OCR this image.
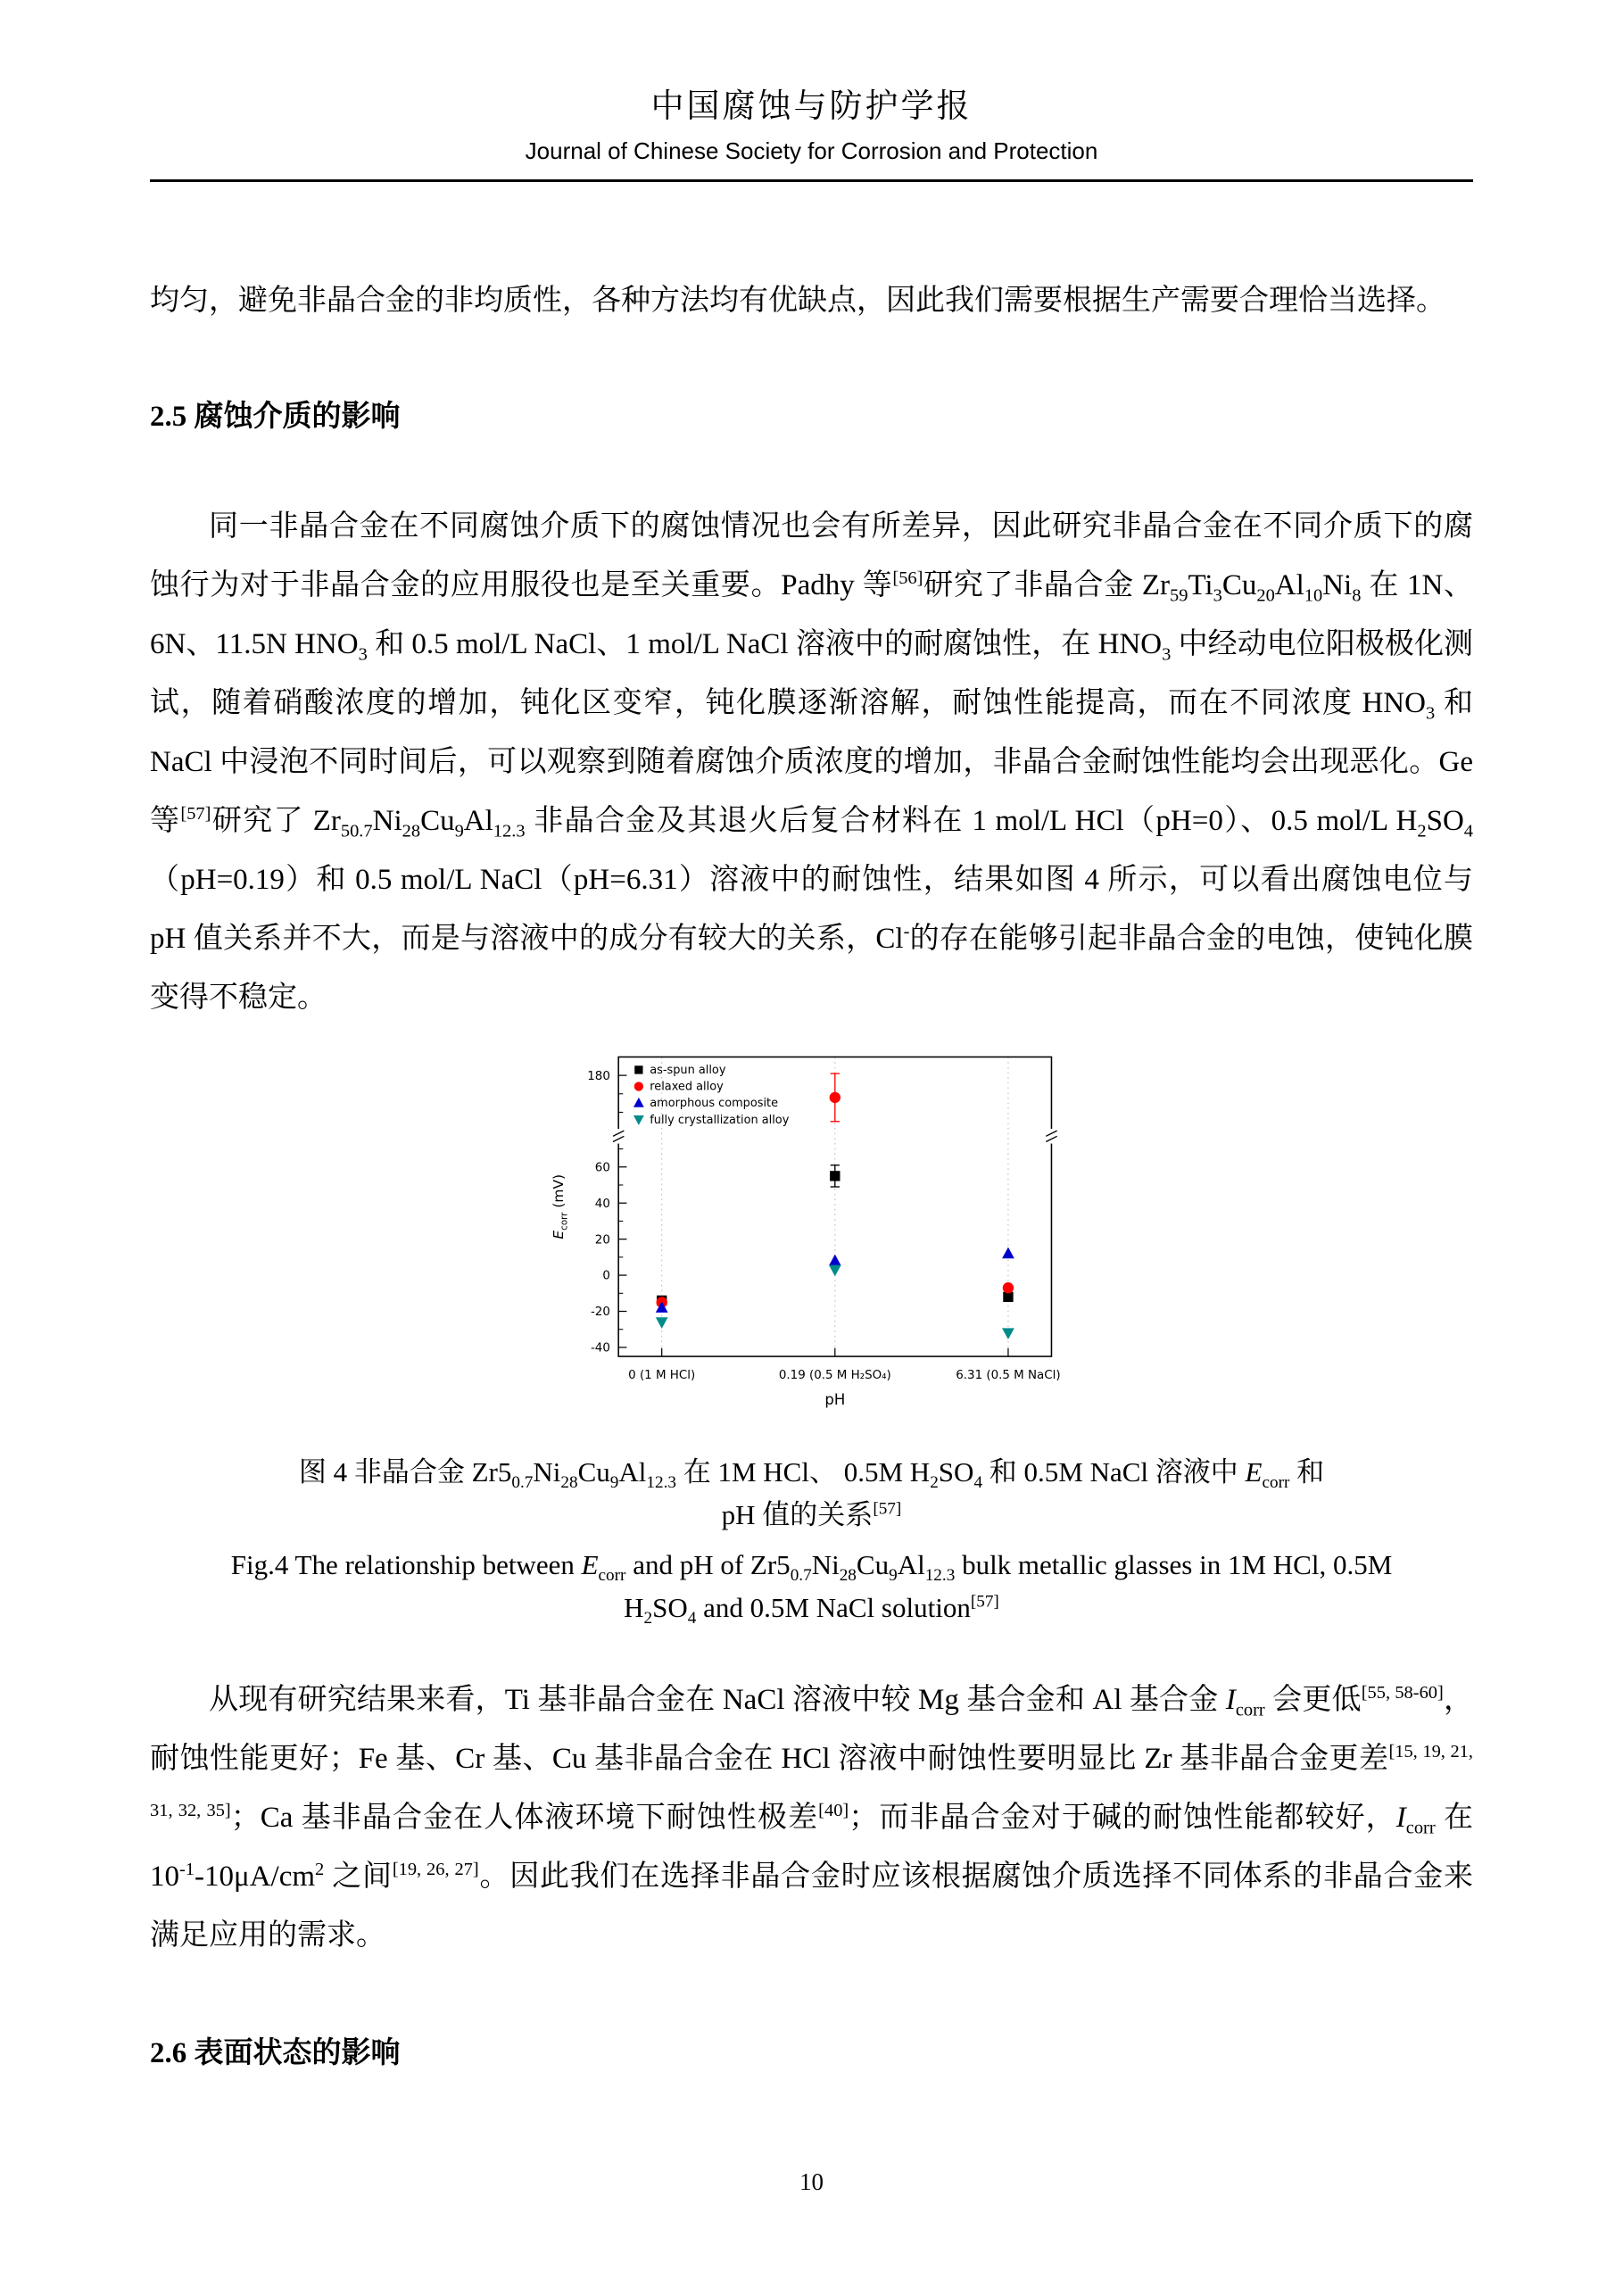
中国腐蚀与防护学报
Journal of Chinese Society for Corrosion and Protection

均匀，避免非晶合金的非均质性，各种方法均有优缺点，因此我们需要根据生产需要合理恰当选择。

2.5 腐蚀介质的影响

同一非晶合金在不同腐蚀介质下的腐蚀情况也会有所差异，因此研究非晶合金在不同介质下的腐蚀行为对于非晶合金的应用服役也是至关重要。Padhy 等[56]研究了非晶合金 $Zr_{59}Ti_3Cu_{20}Al_{10}Ni_8$ 在 1N、6N、11.5N $HNO_3$ 和 0.5 mol/L NaCl、1 mol/L NaCl 溶液中的耐腐蚀性，在 $HNO_3$ 中经动电位阳极极化测试，随着硝酸浓度的增加，钝化区变窄，钝化膜逐渐溶解，耐蚀性能提高，而在不同浓度 $HNO_3$ 和 NaCl 中浸泡不同时间后，可以观察到随着腐蚀介质浓度的增加，非晶合金耐蚀性能均会出现恶化。Ge 等[57]研究了 $Zr_{50.7}Ni_{28}Cu_9Al_{12.3}$ 非晶合金及其退火后复合材料在 1 mol/L HCl（pH=0）、0.5 mol/L $H_2SO_4(pH=0.19)$和 0.5 mol/L NaCl（pH=6.31）溶液中的耐蚀性，结果如图 4 所示，可以看出腐蚀电位与 pH 值关系并不大，而是与溶液中的成分有较大的关系，Cl-的存在能够引起非晶合金的电蚀，使钝化膜变得不稳定。

180
60
40
20
0
-20
-40
0 (1 M HCl)	0.19 (0.5 M H₂SO₄)	6.31 (0.5 M NaCl)
pH
$E_{corr}$ (mV)
as-spun alloy
relaxed alloy
amorphous composite
fully crystallization alloy
图 4 非晶合金 $Zr5_{0.7}Ni_{28}Cu_9Al_{12.3}$ 在 1M HCl、 0.5M $H_2SO_4$ 和 0.5M NaCl 溶液中 $E_{corr}$ 和 pH 值的关系[57]
Fig.4 The relationship between $E_{corr}$ and pH of $Zr5_{0.7}Ni_{28}Cu_9Al_{12.3}$ bulk metallic glasses in 1M HCl, 0.5M $H_2SO_4$ and 0.5M NaCl solution[57]

从现有研究结果来看，Ti 基非晶合金在 NaCl 溶液中较 Mg 基合金和 Al 基合金 $I_{corr}$ 会更低[55, 58-60]，耐蚀性能更好；Fe 基、Cr 基、Cu 基非晶合金在 HCl 溶液中耐蚀性要明显比 Zr 基非晶合金更差[15, 19, 21, 31, 32, 35]；Ca 基非晶合金在人体液环境下耐蚀性极差[40]；而非晶合金对于碱的耐蚀性能都较好，$I_{corr}$ 在 $10^{-1}-10\mu A/cm^2$ 之间[19, 26, 27]。因此我们在选择非晶合金时应该根据腐蚀介质选择不同体系的非晶合金来满足应用的需求。

2.6 表面状态的影响
10
